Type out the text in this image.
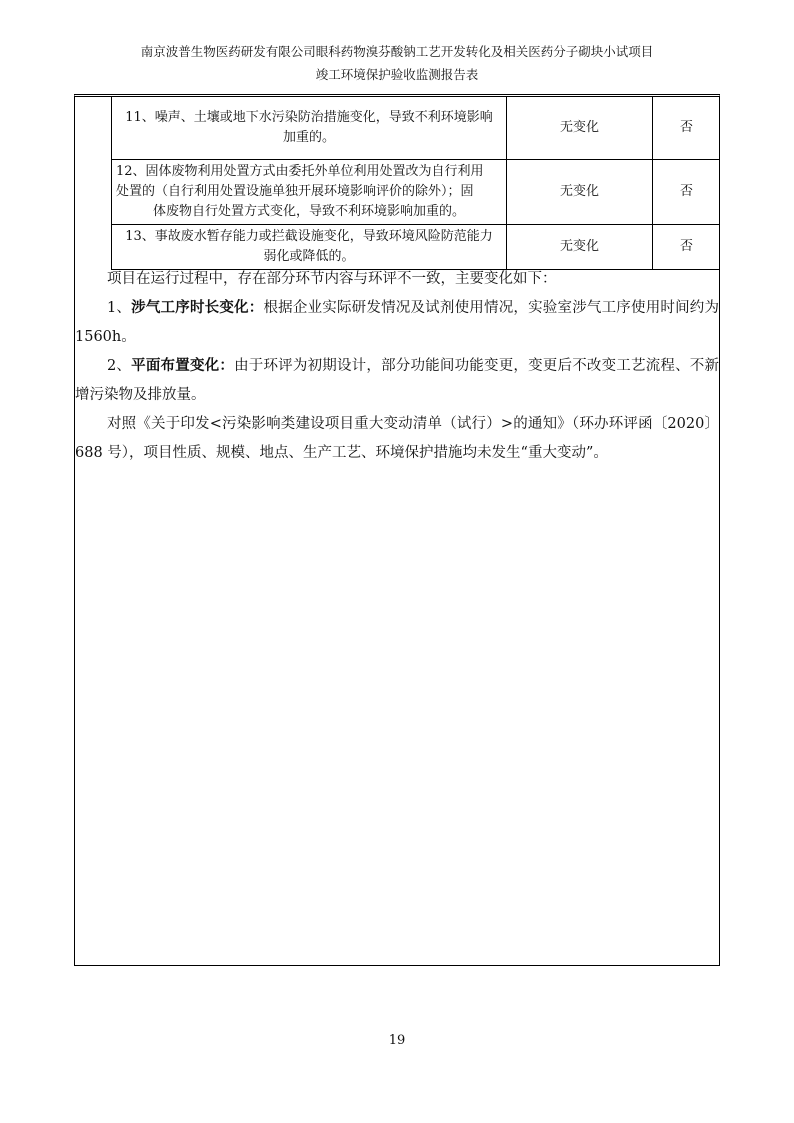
南京波普生物医药研发有限公司眼科药物溴芬酸钠工艺开发转化及相关医药分子砌块小试项目
竣工环境保护验收监测报告表
11、噪声、土壤或地下水污染防治措施变化，导致不利环境影响
加重的。	无变化	否

12、固体废物利用处置方式由委托外单位利用处置改为自行利用
处置的（自行利用处置设施单独开展环境影响评价的除外）；固
体废物自行处置方式变化，导致不利环境影响加重的。	无变化	否

13、事故废水暂存能力或拦截设施变化，导致环境风险防范能力
弱化或降低的。	无变化	否

项目在运行过程中，存在部分环节内容与环评不一致，主要变化如下：

1、涉气工序时长变化：根据企业实际研发情况及试剂使用情况，实验室涉气工序使用时间约为 1560h。

2、平面布置变化：由于环评为初期设计，部分功能间功能变更，变更后不改变工艺流程、不新增污染物及排放量。

对照《关于印发<污染影响类建设项目重大变动清单（试行）>的通知》（环办环评函〔2020〕688 号），项目性质、规模、地点、生产工艺、环境保护措施均未发生“重大变动”。

19
